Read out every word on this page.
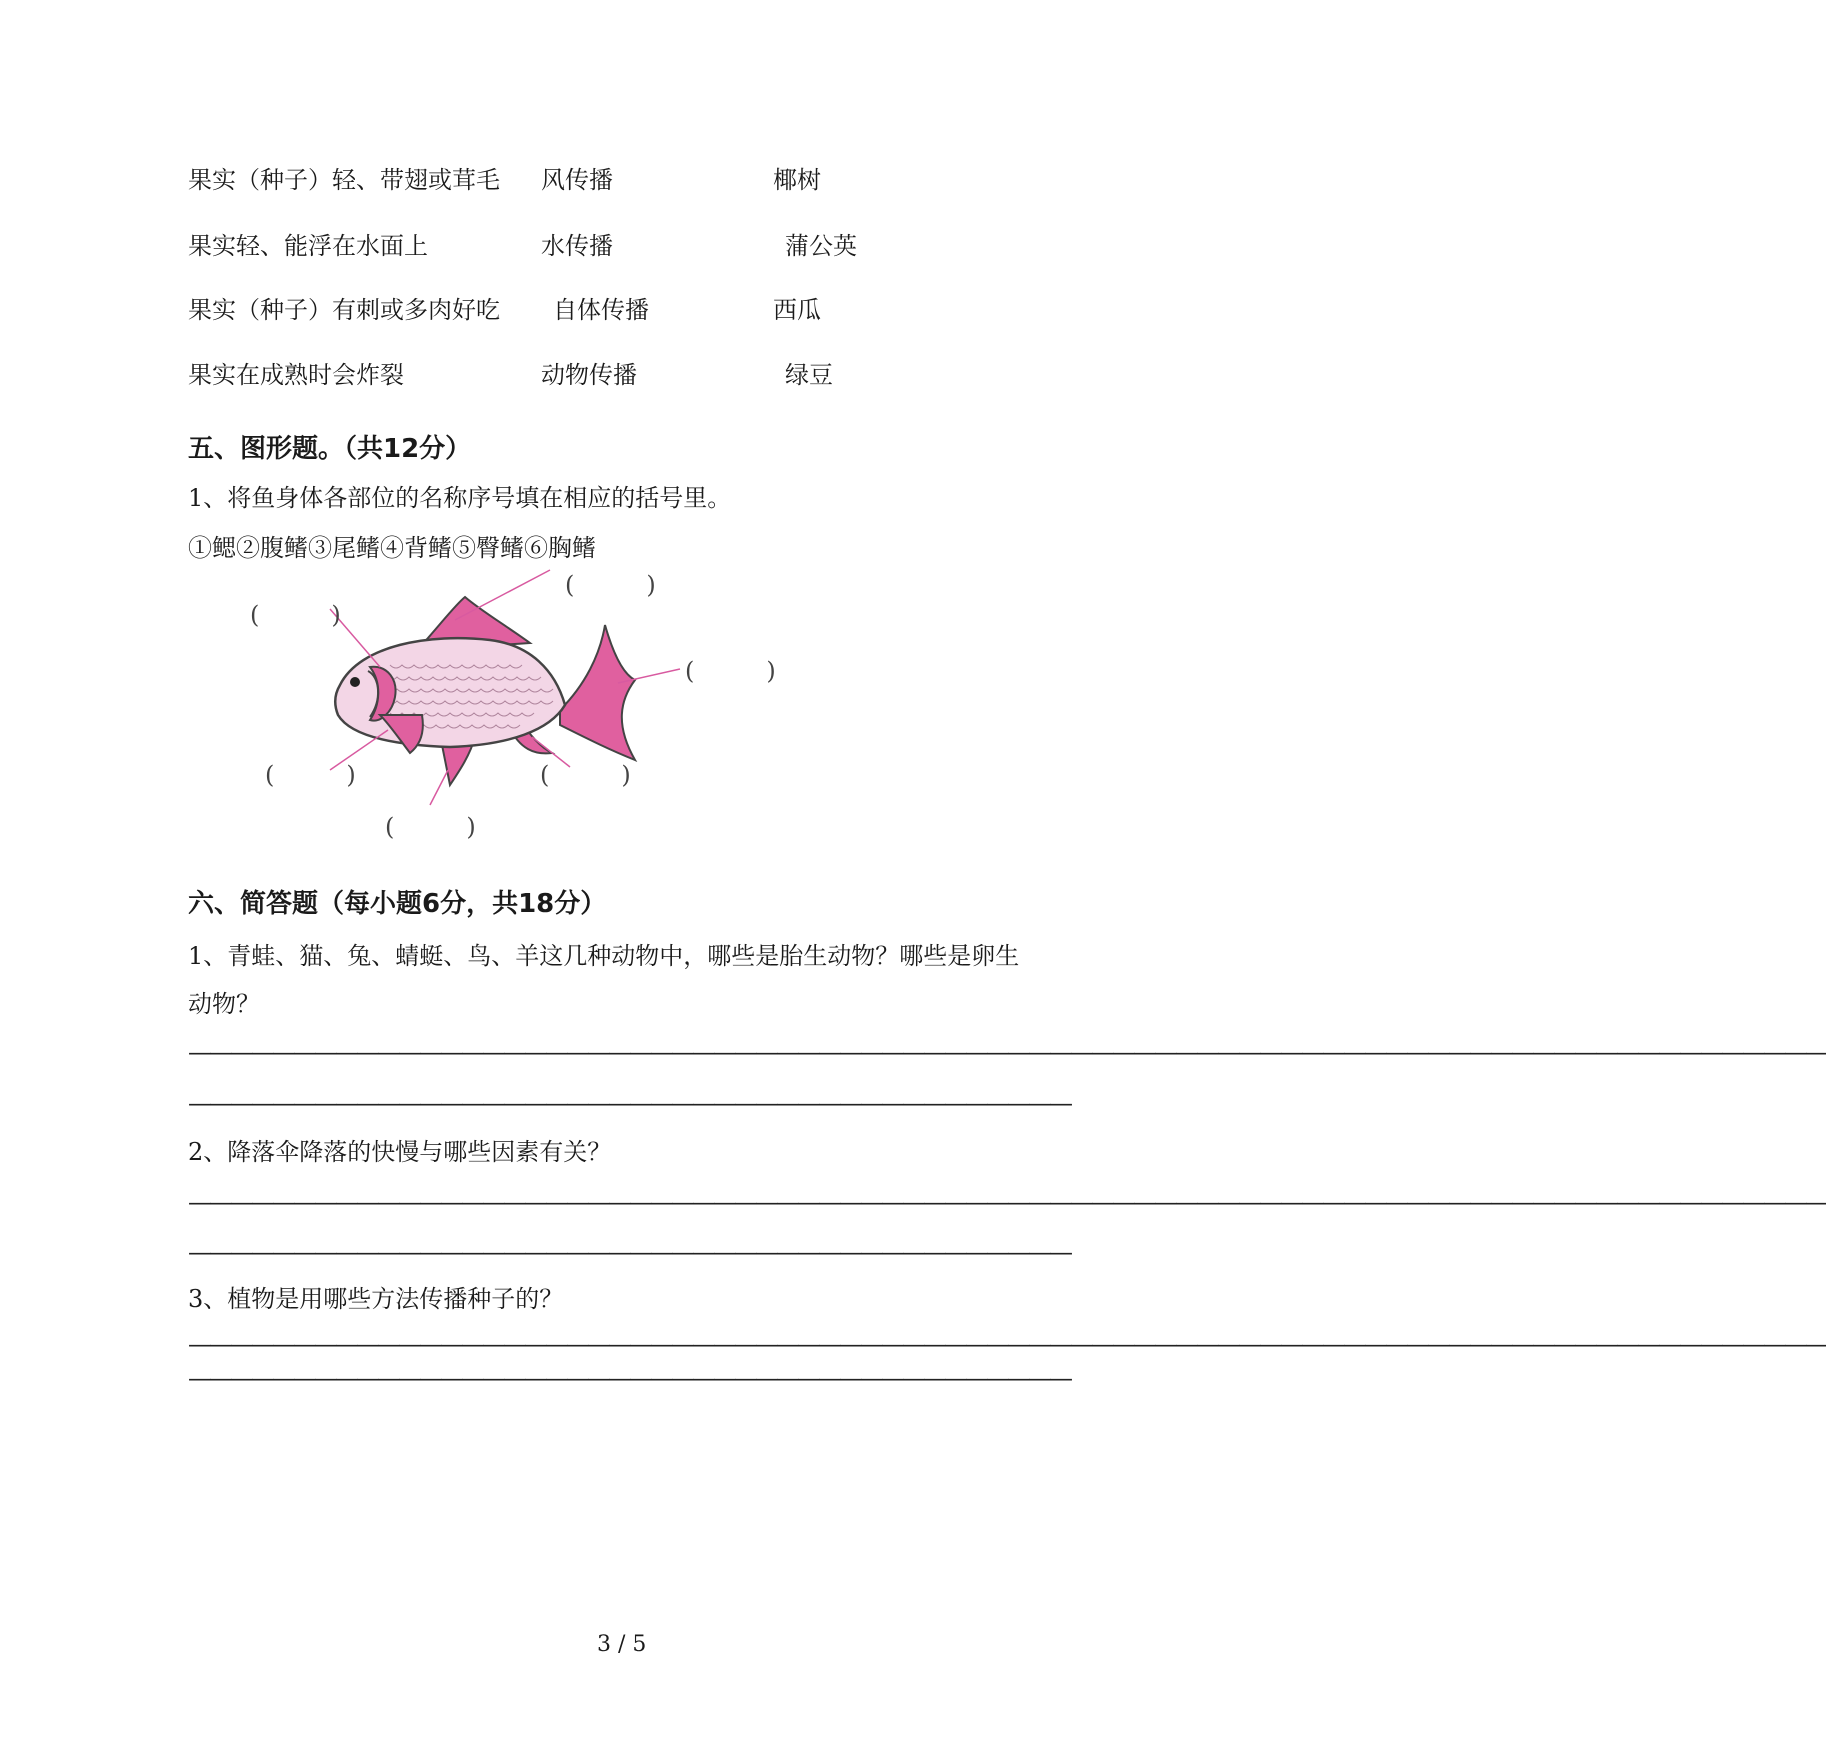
果实（种子）轻、带翅或茸毛 风传播	椰树
果实轻、能浮在水面上	水传播	蒲公英
果实（种子）有刺或多肉好吃 自体传播	西瓜
果实在成熟时会炸裂	动物传播	绿豆
五、图形题。（共12分）
1、将鱼身体各部位的名称序号填在相应的括号里。
①鳃②腹鳍③尾鳍④背鳍⑤臀鳍⑥胸鳍
(　　　)
(　　　)
(　　　)
(　　　)	(　　　)
(　　　)
六、简答题（每小题6分，共18分）
1、青蛙、猫、兔、蜻蜓、鸟、羊这几种动物中，哪些是胎生动物？哪些是卵生
动物？
——————————————————————————————————————————————————————————————————————————————
——————————————————————————————————————————
2、降落伞降落的快慢与哪些因素有关？
——————————————————————————————————————————————————————————————————————————————
——————————————————————————————————————————
3、植物是用哪些方法传播种子的？
——————————————————————————————————————————————————————————————————————————————
——————————————————————————————————————————
3 / 5
